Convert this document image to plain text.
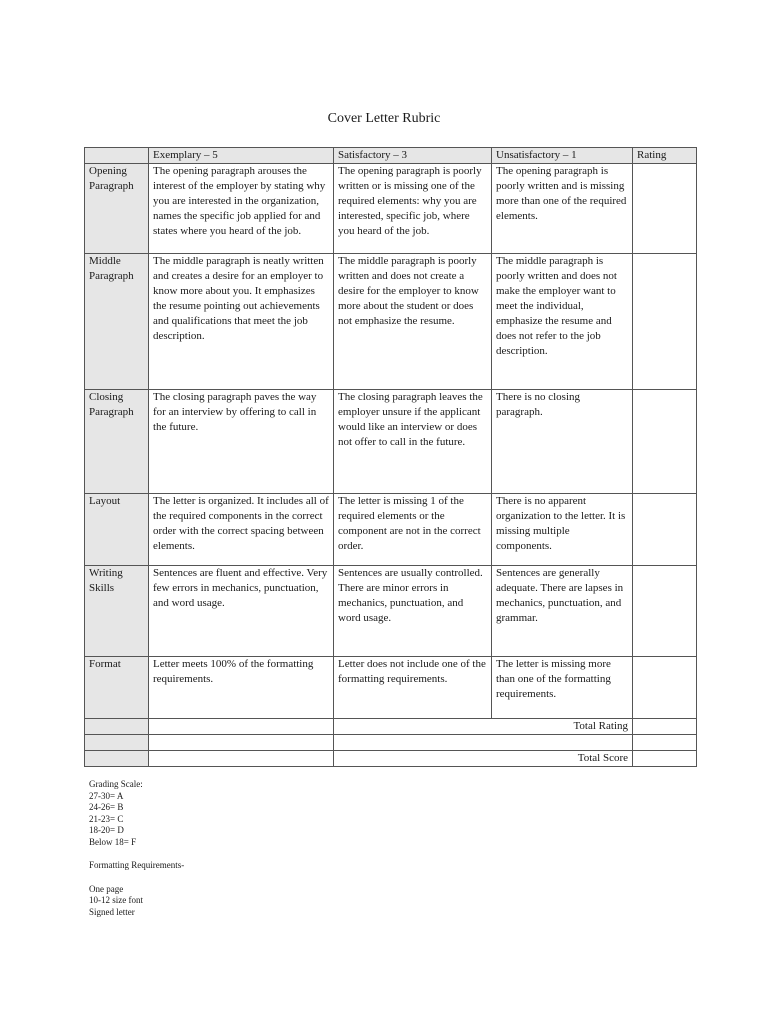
Cover Letter Rubric
	Exemplary – 5	Satisfactory – 3	Unsatisfactory – 1	Rating
Opening Paragraph	The opening paragraph arouses the interest of the employer by stating why you are interested in the organization, names the specific job applied for and states where you heard of the job.	The opening paragraph is poorly written or is missing one of the required elements: why you are interested, specific job, where you heard of the job.	The opening paragraph is poorly written and is missing more than one of the required elements.	
Middle Paragraph	The middle paragraph is neatly written and creates a desire for an employer to know more about you. It emphasizes the resume pointing out achievements and qualifications that meet the job description.	The middle paragraph is poorly written and does not create a desire for the employer to know more about the student or does not emphasize the resume.	The middle paragraph is poorly written and does not make the employer want to meet the individual, emphasize the resume and does not refer to the job description.	
Closing Paragraph	The closing paragraph paves the way for an interview by offering to call in the future.	The closing paragraph leaves the employer unsure if the applicant would like an interview or does not offer to call in the future.	There is no closing paragraph.	
Layout	The letter is organized. It includes all of the required components in the correct order with the correct spacing between elements.	The letter is missing 1 of the required elements or the component are not in the correct order.	There is no apparent organization to the letter. It is missing multiple components.	
Writing Skills	Sentences are fluent and effective. Very few errors in mechanics, punctuation, and word usage.	Sentences are usually controlled. There are minor errors in mechanics, punctuation, and word usage.	Sentences are generally adequate. There are lapses in mechanics, punctuation, and grammar.	
Format	Letter meets 100% of the formatting requirements.	Letter does not include one of the formatting requirements.	The letter is missing more than one of the formatting requirements.	
		Total Rating		

		Total Score		
Grading Scale:
27-30= A
24-26= B
21-23= C
18-20= D
Below 18= F
Formatting Requirements-
One page
10-12 size font
Signed letter
